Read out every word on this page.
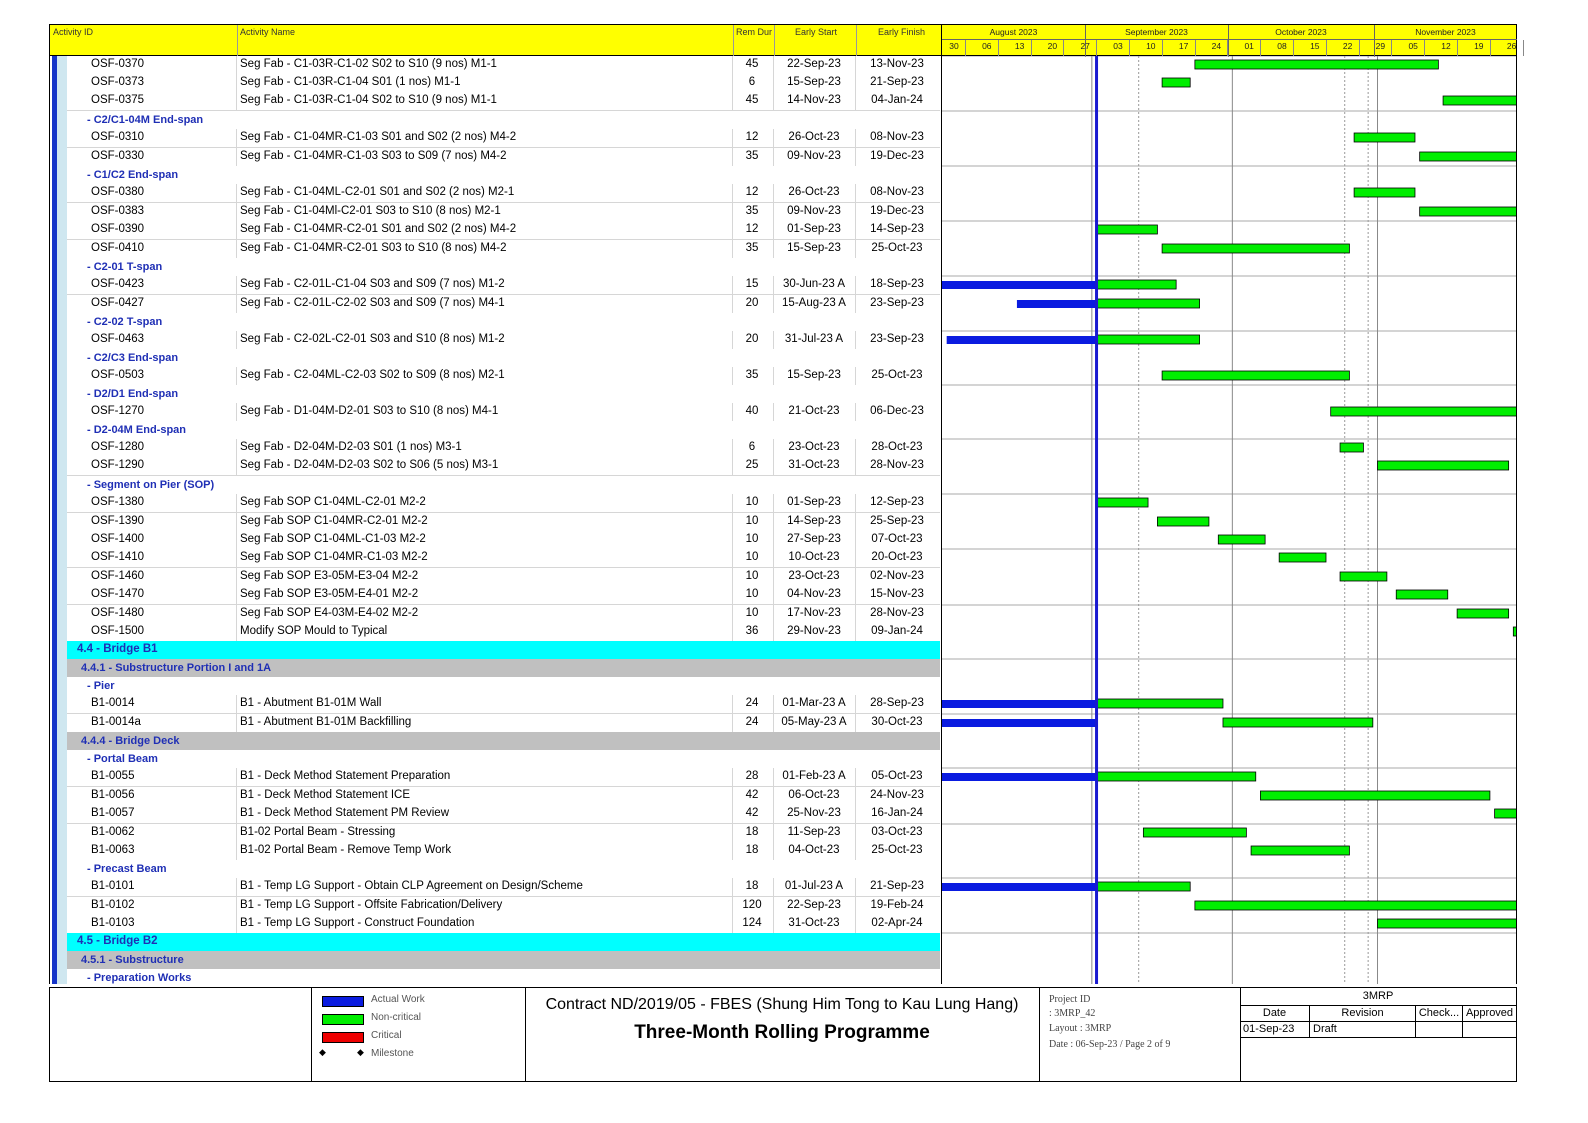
Activity ID	Activity Name	Rem Dur	Early Start	Early Finish	August 2023	September 2023	October 2023	November 2023
30	06	13	20	27	03	10	17	24	01	08	15	22	29	05	12	19	26
OSF-0370	Seg Fab - C1-03R-C1-02 S02 to S10 (9 nos) M1-1	45	22-Sep-23	13-Nov-23
OSF-0373	Seg Fab - C1-03R-C1-04 S01 (1 nos) M1-1	6	15-Sep-23	21-Sep-23
OSF-0375	Seg Fab - C1-03R-C1-04 S02 to S10 (9 nos) M1-1	45	14-Nov-23	04-Jan-24
- C2/C1-04M End-span
OSF-0310	Seg Fab - C1-04MR-C1-03 S01 and S02 (2 nos) M4-2	12	26-Oct-23	08-Nov-23
OSF-0330	Seg Fab - C1-04MR-C1-03 S03 to S09 (7 nos) M4-2	35	09-Nov-23	19-Dec-23
- C1/C2 End-span
OSF-0380	Seg Fab - C1-04ML-C2-01 S01 and S02 (2 nos) M2-1	12	26-Oct-23	08-Nov-23
OSF-0383	Seg Fab - C1-04Ml-C2-01 S03 to S10 (8 nos) M2-1	35	09-Nov-23	19-Dec-23
OSF-0390	Seg Fab - C1-04MR-C2-01 S01 and S02 (2 nos) M4-2	12	01-Sep-23	14-Sep-23
OSF-0410	Seg Fab - C1-04MR-C2-01 S03 to S10 (8 nos) M4-2	35	15-Sep-23	25-Oct-23
- C2-01 T-span
OSF-0423	Seg Fab - C2-01L-C1-04 S03 and S09 (7 nos) M1-2	15	30-Jun-23 A	18-Sep-23
OSF-0427	Seg Fab - C2-01L-C2-02 S03 and S09 (7 nos) M4-1	20	15-Aug-23 A	23-Sep-23
- C2-02 T-span
OSF-0463	Seg Fab - C2-02L-C2-01 S03 and S10 (8 nos) M1-2	20	31-Jul-23 A	23-Sep-23
- C2/C3 End-span
OSF-0503	Seg Fab - C2-04ML-C2-03 S02 to S09 (8 nos) M2-1	35	15-Sep-23	25-Oct-23
- D2/D1 End-span
OSF-1270	Seg Fab - D1-04M-D2-01 S03 to S10 (8 nos) M4-1	40	21-Oct-23	06-Dec-23
- D2-04M End-span
OSF-1280	Seg Fab - D2-04M-D2-03 S01 (1 nos) M3-1	6	23-Oct-23	28-Oct-23
OSF-1290	Seg Fab - D2-04M-D2-03 S02 to S06 (5 nos) M3-1	25	31-Oct-23	28-Nov-23
- Segment on Pier (SOP)
OSF-1380	Seg Fab SOP C1-04ML-C2-01 M2-2	10	01-Sep-23	12-Sep-23
OSF-1390	Seg Fab SOP C1-04MR-C2-01 M2-2	10	14-Sep-23	25-Sep-23
OSF-1400	Seg Fab SOP C1-04ML-C1-03 M2-2	10	27-Sep-23	07-Oct-23
OSF-1410	Seg Fab SOP C1-04MR-C1-03 M2-2	10	10-Oct-23	20-Oct-23
OSF-1460	Seg Fab SOP E3-05M-E3-04 M2-2	10	23-Oct-23	02-Nov-23
OSF-1470	Seg Fab SOP E3-05M-E4-01 M2-2	10	04-Nov-23	15-Nov-23
OSF-1480	Seg Fab SOP E4-03M-E4-02 M2-2	10	17-Nov-23	28-Nov-23
OSF-1500	Modify SOP Mould to Typical	36	29-Nov-23	09-Jan-24
4.4 - Bridge B1
4.4.1 - Substructure Portion I and 1A
- Pier
B1-0014	B1 - Abutment B1-01M Wall	24	01-Mar-23 A	28-Sep-23
B1-0014a	B1 - Abutment B1-01M Backfilling	24	05-May-23 A	30-Oct-23
4.4.4 - Bridge Deck
- Portal Beam
B1-0055	B1 - Deck Method Statement Preparation	28	01-Feb-23 A	05-Oct-23
B1-0056	B1 - Deck Method Statement ICE	42	06-Oct-23	24-Nov-23
B1-0057	B1 - Deck Method Statement PM Review	42	25-Nov-23	16-Jan-24
B1-0062	B1-02 Portal Beam - Stressing	18	11-Sep-23	03-Oct-23
B1-0063	B1-02 Portal Beam - Remove Temp Work	18	04-Oct-23	25-Oct-23
- Precast Beam
B1-0101	B1 - Temp LG Support - Obtain CLP Agreement on Design/Scheme	18	01-Jul-23 A	21-Sep-23
B1-0102	B1 - Temp LG Support - Offsite Fabrication/Delivery	120	22-Sep-23	19-Feb-24
B1-0103	B1 - Temp LG Support - Construct Foundation	124	31-Oct-23	02-Apr-24
4.5 - Bridge B2
4.5.1 - Substructure
- Preparation Works
Actual Work
Non-critical
Critical
◆	◆ Milestone
Contract ND/2019/05 - FBES (Shung Him Tong to Kau Lung Hang)
Three-Month Rolling Programme
Project ID
: 3MRP_42
Layout : 3MRP
Date : 06-Sep-23 / Page 2 of 9
3MRP
Date	Revision	Check... Approved
01-Sep-23 Draft
